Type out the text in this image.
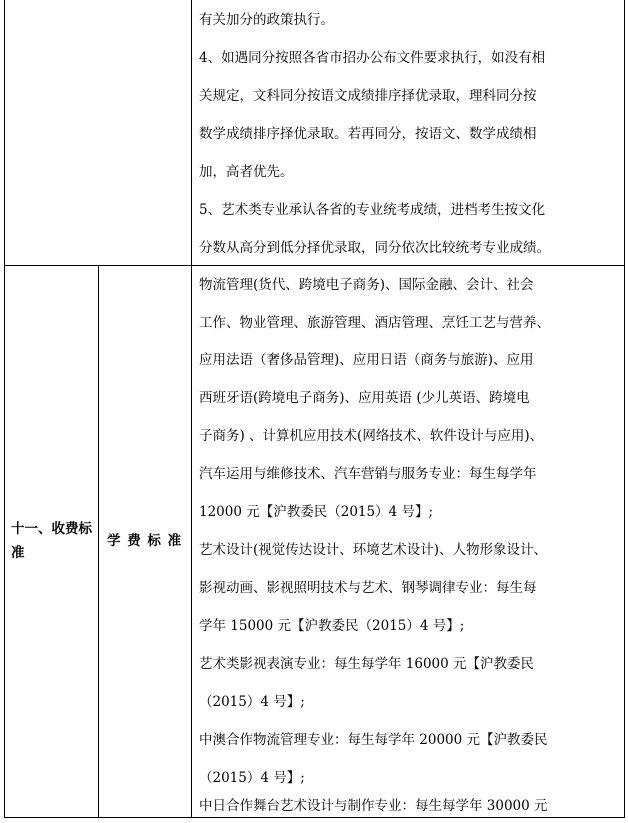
有关加分的政策执行。
4、如遇同分按照各省市招办公布文件要求执行，如没有相
关规定，文科同分按语文成绩排序择优录取，理科同分按
数学成绩排序择优录取。若再同分，按语文、数学成绩相
加，高者优先。
5、艺术类专业承认各省的专业统考成绩，进档考生按文化
分数从高分到低分择优录取，同分依次比较统考专业成绩。
十一、收费标
准
学 费 标 准
物流管理(货代、跨境电子商务)、国际金融、会计、社会
工作、物业管理、旅游管理、酒店管理、烹饪工艺与营养、
应用法语（奢侈品管理)、应用日语（商务与旅游)、应用
西班牙语(跨境电子商务)、应用英语 (少儿英语、跨境电
子商务) 、计算机应用技术(网络技术、软件设计与应用)、
汽车运用与维修技术、汽车营销与服务专业：每生每学年
12000 元【沪教委民（2015）4 号】;
艺术设计(视觉传达设计、环境艺术设计)、人物形象设计、
影视动画、影视照明技术与艺术、钢琴调律专业：每生每
学年 15000 元【沪教委民（2015）4 号】;
艺术类影视表演专业：每生每学年 16000 元【沪教委民
（2015）4 号】;
中澳合作物流管理专业：每生每学年 20000 元【沪教委民
（2015）4 号】;
中日合作舞台艺术设计与制作专业：每生每学年 30000 元
